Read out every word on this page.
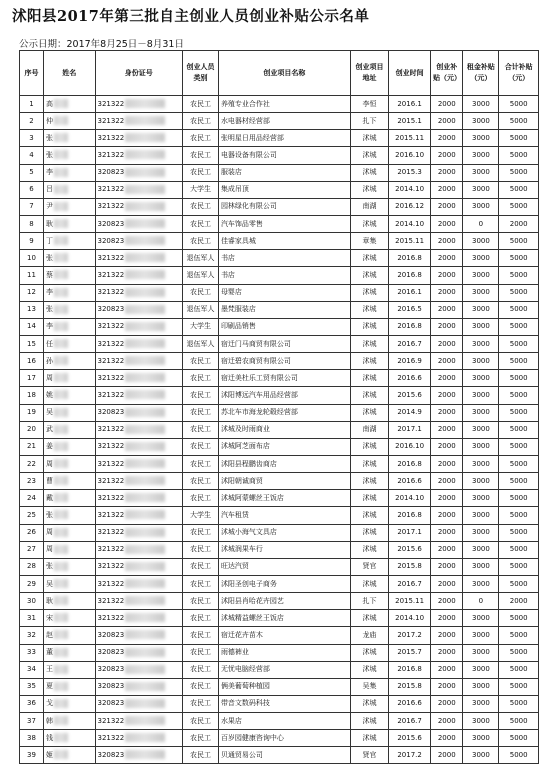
沭阳县2017年第三批自主创业人员创业补贴公示名单
公示日期：2017年8月25日－8月31日
序号	姓名	身份证号	创业人员类别	创业项目名称	创业项目地址	创业时间	创业补贴（元）	租金补贴（元）	合计补贴（元）
1	高	321322	农民工	养殖专业合作社	李恒	2016.1	2000	3000	5000
2	仲	321322	农民工	水电器材经营部	扎下	2015.1	2000	3000	5000
3	张	321322	农民工	张明星日用品经营部	沭城	2015.11	2000	3000	5000
4	张	321322	农民工	电器设备有限公司	沭城	2016.10	2000	3000	5000
5	李	320823	农民工	服装店	沭城	2015.3	2000	3000	5000
6	吕	321322	大学生	集成吊顶	沭城	2014.10	2000	3000	5000
7	尹	321322	农民工	园林绿化有限公司	南湖	2016.12	2000	3000	5000
8	耿	320823	农民工	汽车饰品零售	沭城	2014.10	2000	0	2000
9	丁	320823	农民工	佳睿家具城	章集	2015.11	2000	3000	5000
10	张	321322	退伍军人	书店	沭城	2016.8	2000	3000	5000
11	蔡	321322	退伍军人	书店	沭城	2016.8	2000	3000	5000
12	李	321322	农民工	母婴店	沭城	2016.1	2000	3000	5000
13	张	320823	退伍军人	墨梵服装店	沭城	2016.5	2000	3000	5000
14	李	321322	大学生	印刷品销售	沭城	2016.8	2000	3000	5000
15	任	321322	退伍军人	宿迁门马商贸有限公司	沭城	2016.7	2000	3000	5000
16	孙	321322	农民工	宿迁碧农商贸有限公司	沭城	2016.9	2000	3000	5000
17	周	321322	农民工	宿迁美杜乐工贸有限公司	沭城	2016.6	2000	3000	5000
18	姚	321322	农民工	沭阳博远汽车用品经营部	沭城	2015.6	2000	3000	5000
19	吴	320823	农民工	苏北车市海龙轮毂经营部	沭城	2014.9	2000	3000	5000
20	武	321322	农民工	沭城及时雨商业	南湖	2017.1	2000	3000	5000
21	姜	321322	农民工	沭城阿芝面布店	沭城	2016.10	2000	3000	5000
22	周	321322	农民工	沭阳县程鹏齿商店	沭城	2016.8	2000	3000	5000
23	曹	321322	农民工	沭阳朝诚商贸	沭城	2016.6	2000	3000	5000
24	戴	321322	农民工	沭城阿蒙螺丝王饭店	沭城	2014.10	2000	3000	5000
25	张	321322	大学生	汽车租赁	沭城	2016.8	2000	3000	5000
26	周	321322	农民工	沭城小海气文具店	沭城	2017.1	2000	3000	5000
27	周	321322	农民工	沭城润果车行	沭城	2015.6	2000	3000	5000
28	张	321322	农民工	旺达汽贸	贤官	2015.8	2000	3000	5000
29	吴	321322	农民工	沭阳圣创电子商务	沭城	2016.7	2000	3000	5000
30	耿	321322	农民工	沭阳县肖哈花卉园艺	扎下	2015.11	2000	0	2000
31	宋	321322	农民工	沭城精益螺丝王饭店	沭城	2014.10	2000	3000	5000
32	赵	320823	农民工	宿迁花卉苗木	龙庙	2017.2	2000	3000	5000
33	董	320823	农民工	雨德裤业	沭城	2015.7	2000	3000	5000
34	王	320823	农民工	无忧电脑经营部	沭城	2016.8	2000	3000	5000
35	夏	320823	农民工	俩美葡萄种植园	吴集	2015.8	2000	3000	5000
36	戈	320823	农民工	带音文数码科技	沭城	2016.6	2000	3000	5000
37	韩	321322	农民工	水果店	沭城	2016.7	2000	3000	5000
38	钱	321322	农民工	百岁园健康咨询中心	沭城	2015.6	2000	3000	5000
39	姬	320823	农民工	贝通贸易公司	贤官	2017.2	2000	3000	5000
